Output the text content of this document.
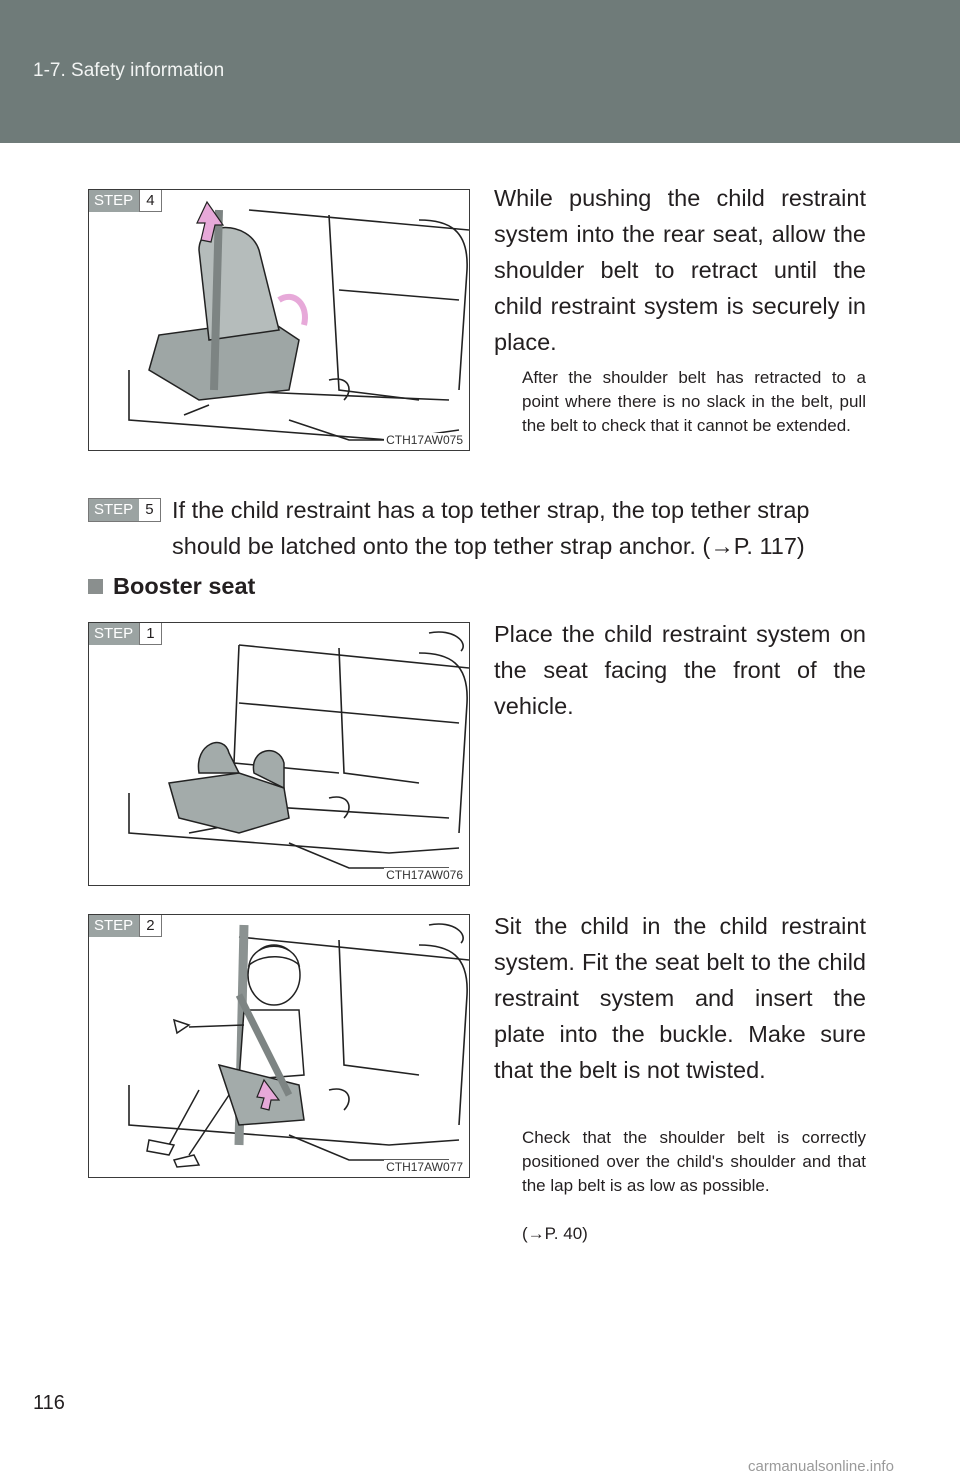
1-7. Safety information
STEP 4
CTH17AW075
While pushing the child restraint system into the rear seat, allow the shoulder belt to retract until the child restraint system is securely in place.
After the shoulder belt has retracted to a point where there is no slack in the belt, pull the belt to check that it cannot be extended.
STEP 5 If the child restraint has a top tether strap, the top tether strap
should be latched onto the top tether strap anchor. (→P. 117)
Booster seat
STEP 1
CTH17AW076
Place the child restraint system on the seat facing the front of the vehicle.
STEP 2
CTH17AW077
Sit the child in the child restraint system. Fit the seat belt to the child restraint system and insert the plate into the buckle. Make sure that the belt is not twisted.
Check that the shoulder belt is correctly positioned over the child's shoulder and that the lap belt is as low as possible.
(→P. 40)
116
carmanualsonline.info
